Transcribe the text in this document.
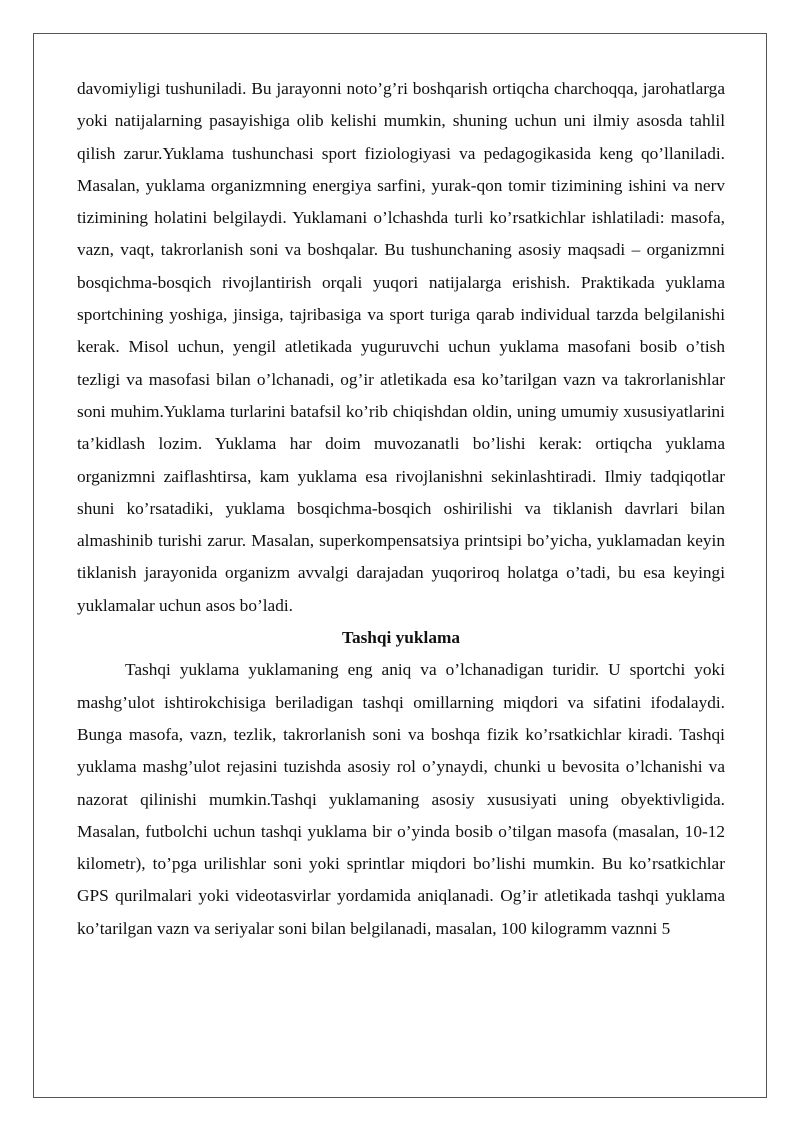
davomiyligi tushuniladi. Bu jarayonni noto’g’ri boshqarish ortiqcha charchoqqa, jarohatlarga yoki natijalarning pasayishiga olib kelishi mumkin, shuning uchun uni ilmiy asosda tahlil qilish zarur.Yuklama tushunchasi sport fiziologiyasi va pedagogikasida keng qo’llaniladi. Masalan, yuklama organizmning energiya sarfini, yurak-qon tomir tizimining ishini va nerv tizimining holatini belgilaydi. Yuklamani o’lchashda turli ko’rsatkichlar ishlatiladi: masofa, vazn, vaqt, takrorlanish soni va boshqalar. Bu tushunchaning asosiy maqsadi – organizmni bosqichma-bosqich rivojlantirish orqali yuqori natijalarga erishish. Praktikada yuklama sportchining yoshiga, jinsiga, tajribasiga va sport turiga qarab individual tarzda belgilanishi kerak. Misol uchun, yengil atletikada yuguruvchi uchun yuklama masofani bosib o’tish tezligi va masofasi bilan o’lchanadi, og’ir atletikada esa ko’tarilgan vazn va takrorlanishlar soni muhim.Yuklama turlarini batafsil ko’rib chiqishdan oldin, uning umumiy xususiyatlarini ta’kidlash lozim. Yuklama har doim muvozanatli bo’lishi kerak: ortiqcha yuklama organizmni zaiflashtirsa, kam yuklama esa rivojlanishni sekinlashtiradi. Ilmiy tadqiqotlar shuni ko’rsatadiki, yuklama bosqichma-bosqich oshirilishi va tiklanish davrlari bilan almashinib turishi zarur. Masalan, superkompensatsiya printsipi bo’yicha, yuklamadan keyin tiklanish jarayonida organizm avvalgi darajadan yuqoriroq holatga o’tadi, bu esa keyingi yuklamalar uchun asos bo’ladi.

Tashqi yuklama

Tashqi yuklama yuklamaning eng aniq va o’lchanadigan turidir. U sportchi yoki mashg’ulot ishtirokchisiga beriladigan tashqi omillarning miqdori va sifatini ifodalaydi. Bunga masofa, vazn, tezlik, takrorlanish soni va boshqa fizik ko’rsatkichlar kiradi. Tashqi yuklama mashg’ulot rejasini tuzishda asosiy rol o’ynaydi, chunki u bevosita o’lchanishi va nazorat qilinishi mumkin.Tashqi yuklamaning asosiy xususiyati uning obyektivligida. Masalan, futbolchi uchun tashqi yuklama bir o’yinda bosib o’tilgan masofa (masalan, 10-12 kilometr), to’pga urilishlar soni yoki sprintlar miqdori bo’lishi mumkin. Bu ko’rsatkichlar GPS qurilmalari yoki videotasvirlar yordamida aniqlanadi. Og’ir atletikada tashqi yuklama ko’tarilgan vazn va seriyalar soni bilan belgilanadi, masalan, 100 kilogramm vaznni 5
